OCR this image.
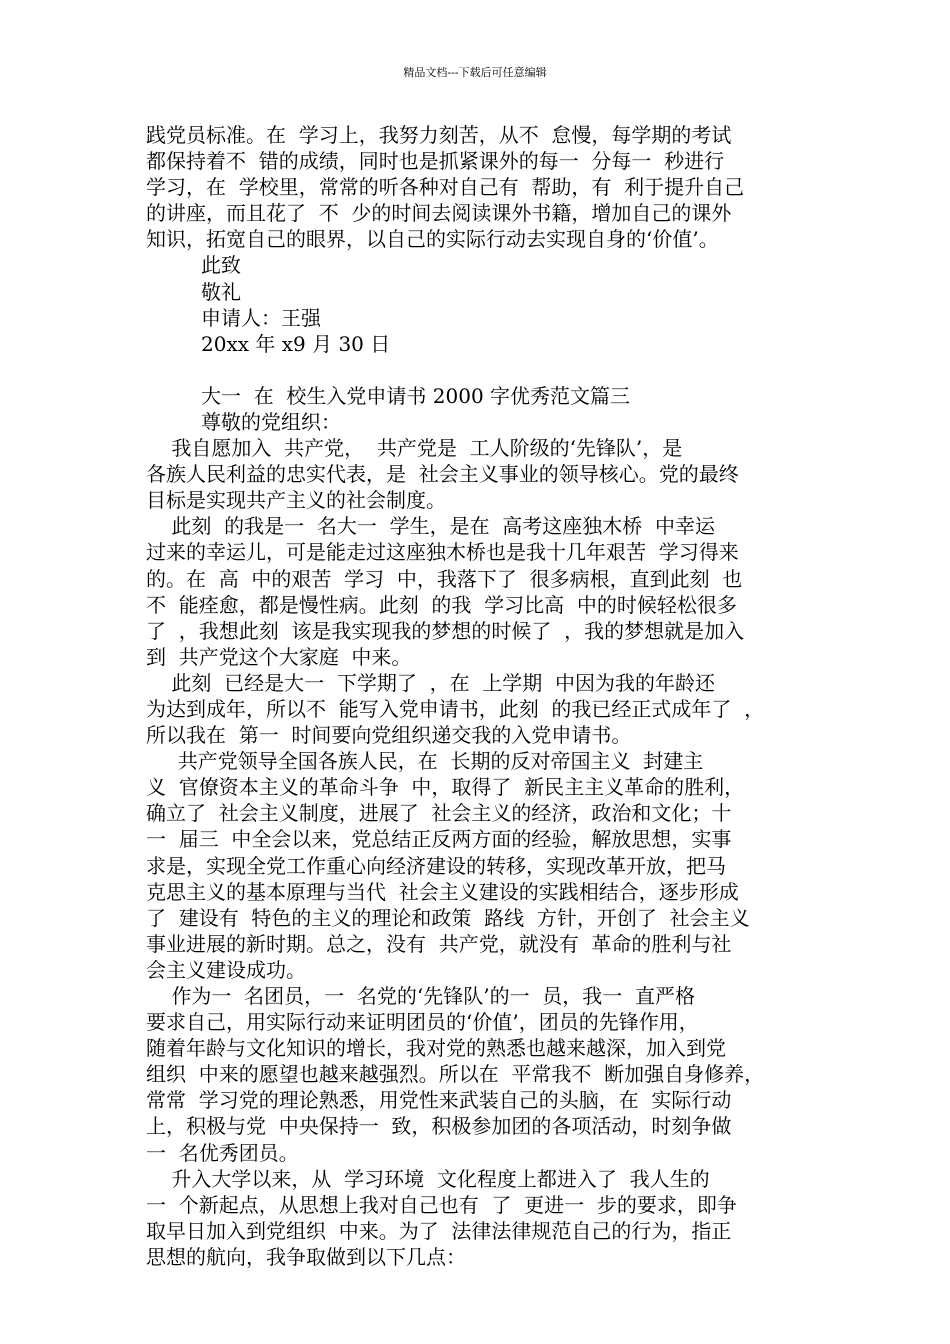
精品文档---下载后可任意编辑
践党员标准。在  学习上，我努力刻苦，从不  怠慢，每学期的考试
都保持着不  错的成绩，同时也是抓紧课外的每一  分每一  秒进行
学习，在  学校里，常常的听各种对自己有  帮助，有  利于提升自己
的讲座，而且花了  不  少的时间去阅读课外书籍，增加自己的课外
知识，拓宽自己的眼界，以自己的实际行动去实现自身的‘价值’。
此致
敬礼
申请人：王强
20xx 年 x9 月 30 日
大一  在  校生入党申请书 2000 字优秀范文篇三
尊敬的党组织：
我自愿加入  共产党，  共产党是  工人阶级的‘先锋队’，是
各族人民利益的忠实代表，是  社会主义事业的领导核心。党的最终
目标是实现共产主义的社会制度。
此刻  的我是一  名大一  学生，是在  高考这座独木桥  中幸运
过来的幸运儿，可是能走过这座独木桥也是我十几年艰苦  学习得来
的。在  高  中的艰苦  学习  中，我落下了  很多病根，直到此刻  也
不  能痊愈，都是慢性病。此刻  的我  学习比高  中的时候轻松很多
了  ，我想此刻  该是我实现我的梦想的时候了  ，我的梦想就是加入
到  共产党这个大家庭  中来。
此刻  已经是大一  下学期了  ，在  上学期  中因为我的年龄还
为达到成年，所以不  能写入党申请书，此刻  的我已经正式成年了  ，
所以我在  第一  时间要向党组织递交我的入党申请书。
共产党领导全国各族人民，在  长期的反对帝国主义  封建主
义  官僚资本主义的革命斗争  中，取得了  新民主主义革命的胜利，
确立了  社会主义制度，进展了  社会主义的经济，政治和文化；十
一  届三  中全会以来，党总结正反两方面的经验，解放思想，实事
求是，实现全党工作重心向经济建设的转移，实现改革开放，把马
克思主义的基本原理与当代  社会主义建设的实践相结合，逐步形成
了  建设有  特色的主义的理论和政策  路线  方针，开创了  社会主义
事业进展的新时期。总之，没有  共产党，就没有  革命的胜利与社
会主义建设成功。
作为一  名团员，一  名党的‘先锋队’的一  员，我一  直严格
要求自己，用实际行动来证明团员的‘价值’，团员的先锋作用，
随着年龄与文化知识的增长，我对党的熟悉也越来越深，加入到党
组织  中来的愿望也越来越强烈。所以在  平常我不  断加强自身修养，
常常  学习党的理论熟悉，用党性来武装自己的头脑，在  实际行动
上，积极与党  中央保持一  致，积极参加团的各项活动，时刻争做
一  名优秀团员。
升入大学以来，从  学习环境  文化程度上都进入了  我人生的
一  个新起点，从思想上我对自己也有  了  更进一  步的要求，即争
取早日加入到党组织  中来。为了  法律法律规范自己的行为，指正
思想的航向，我争取做到以下几点：
